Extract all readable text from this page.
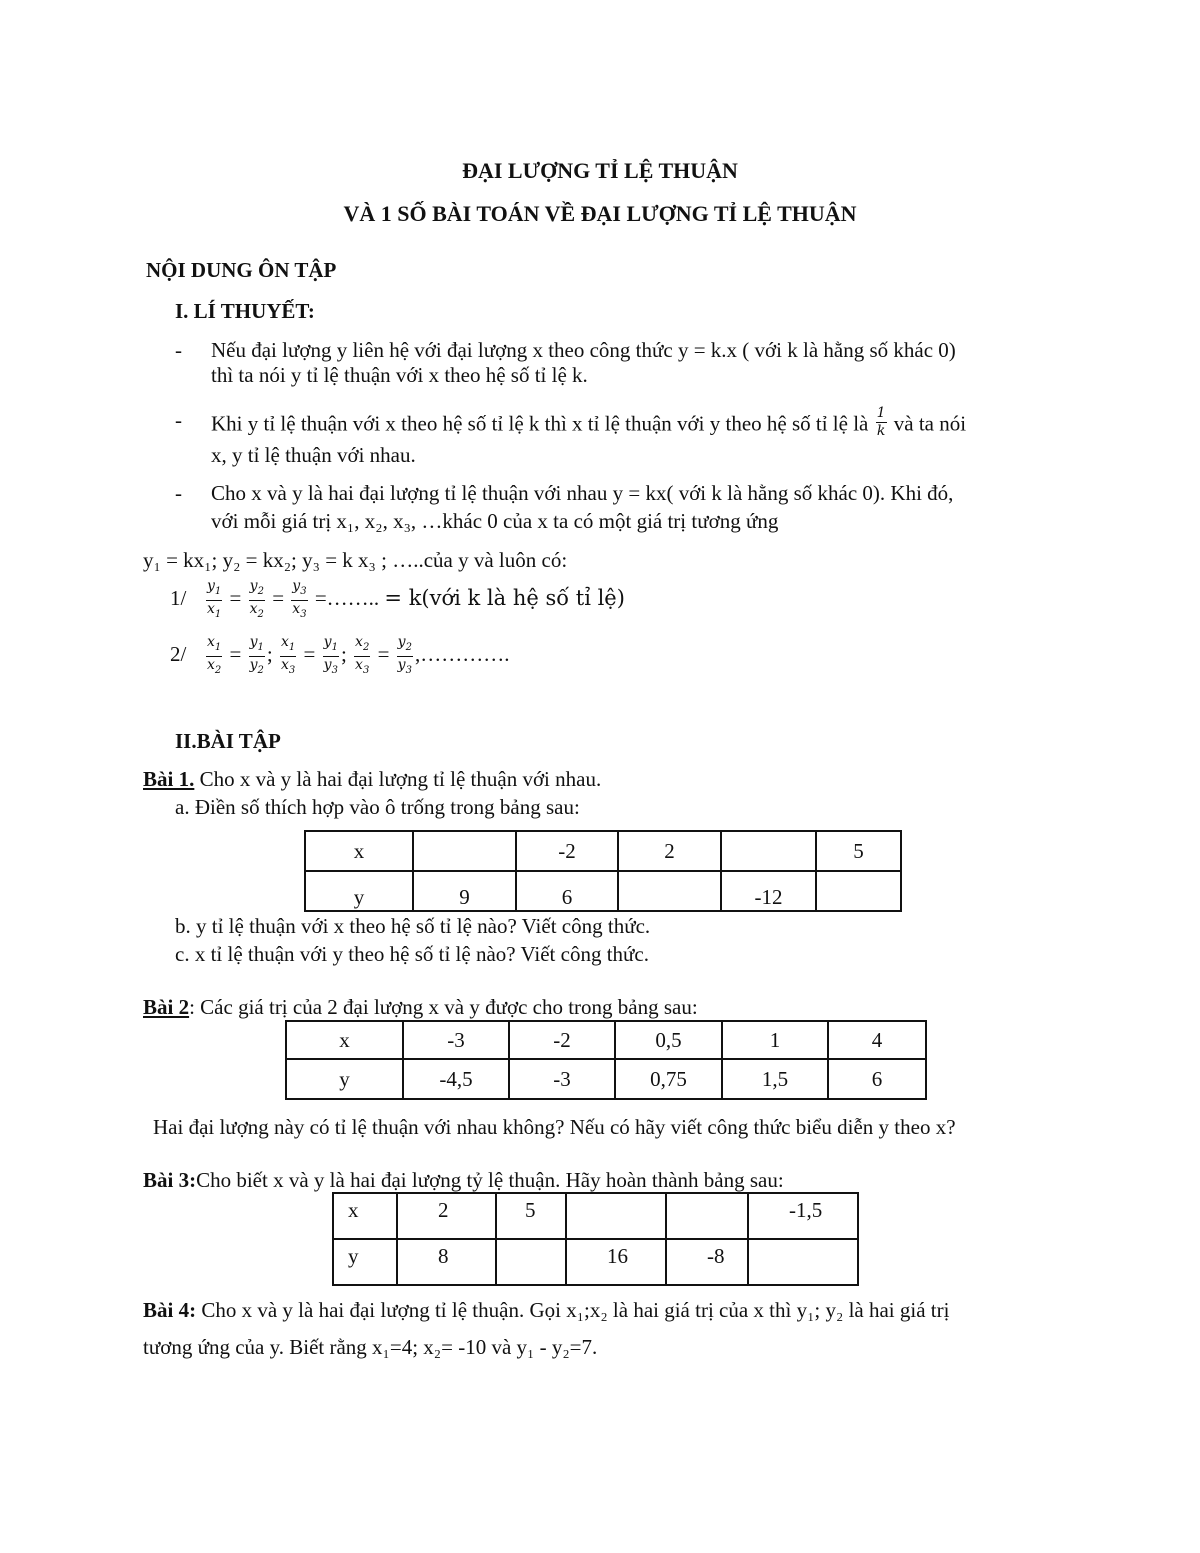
ĐẠI LƯỢNG TỈ LỆ THUẬN
VÀ 1 SỐ BÀI TOÁN VỀ ĐẠI LƯỢNG TỈ LỆ THUẬN
NỘI DUNG ÔN TẬP
I. LÍ THUYẾT:
- Nếu đại lượng y liên hệ với đại lượng x theo công thức y = k.x ( với k là hằng số khác 0)
thì ta nói y tỉ lệ thuận với x theo hệ số tỉ lệ k.
- Khi y tỉ lệ thuận với x theo hệ số tỉ lệ k thì x tỉ lệ thuận với y theo hệ số tỉ lệ là $\frac{1}{k}$ và ta nói
x, y tỉ lệ thuận với nhau.
- Cho x và y là hai đại lượng tỉ lệ thuận với nhau y = kx( với k là hằng số khác 0). Khi đó,
với mỗi giá trị x₁, x₂, x₃, …khác 0 của x ta có một giá trị tương ứng
y₁ = kx₁; y₂ = kx₂; y₃ = k x₃ ; …..của y và luôn có:
$1/ \frac{y_1}{x_1} = \frac{y_2}{x_2} = \frac{y_3}{x_3}$ =…….. = k(với k là hệ số tỉ lệ)
$2/ \frac{x_1}{x_2} = \frac{y_1}{y_2}$ ; $\frac{x_1}{x_3} = \frac{y_1}{y_3}$ ; $\frac{x_2}{x_3} = \frac{y_2}{y_3}$ ,………….
II.BÀI TẬP
Bài 1. Cho x và y là hai đại lượng tỉ lệ thuận với nhau.
a. Điền số thích hợp vào ô trống trong bảng sau:
x		-2	2		5
y	9	6		-12	
b. y tỉ lệ thuận với x theo hệ số tỉ lệ nào? Viết công thức.
c. x tỉ lệ thuận với y theo hệ số tỉ lệ nào? Viết công thức.
Bài 2: Các giá trị của 2 đại lượng x và y được cho trong bảng sau:
x	-3	-2	0,5	1	4
y	-4,5	-3	0,75	1,5	6
Hai đại lượng này có tỉ lệ thuận với nhau không? Nếu có hãy viết công thức biểu diễn y theo x?
Bài 3:Cho biết x và y là hai đại lượng tỷ lệ thuận. Hãy hoàn thành bảng sau:
x	2	5			-1,5
y	8		16	-8	
Bài 4: Cho x và y là hai đại lượng tỉ lệ thuận. Gọi x₁;x₂ là hai giá trị của x thì y₁; y₂ là hai giá trị
tương ứng của y. Biết rằng x₁=4; x₂= -10 và y₁ - y₂=7.
